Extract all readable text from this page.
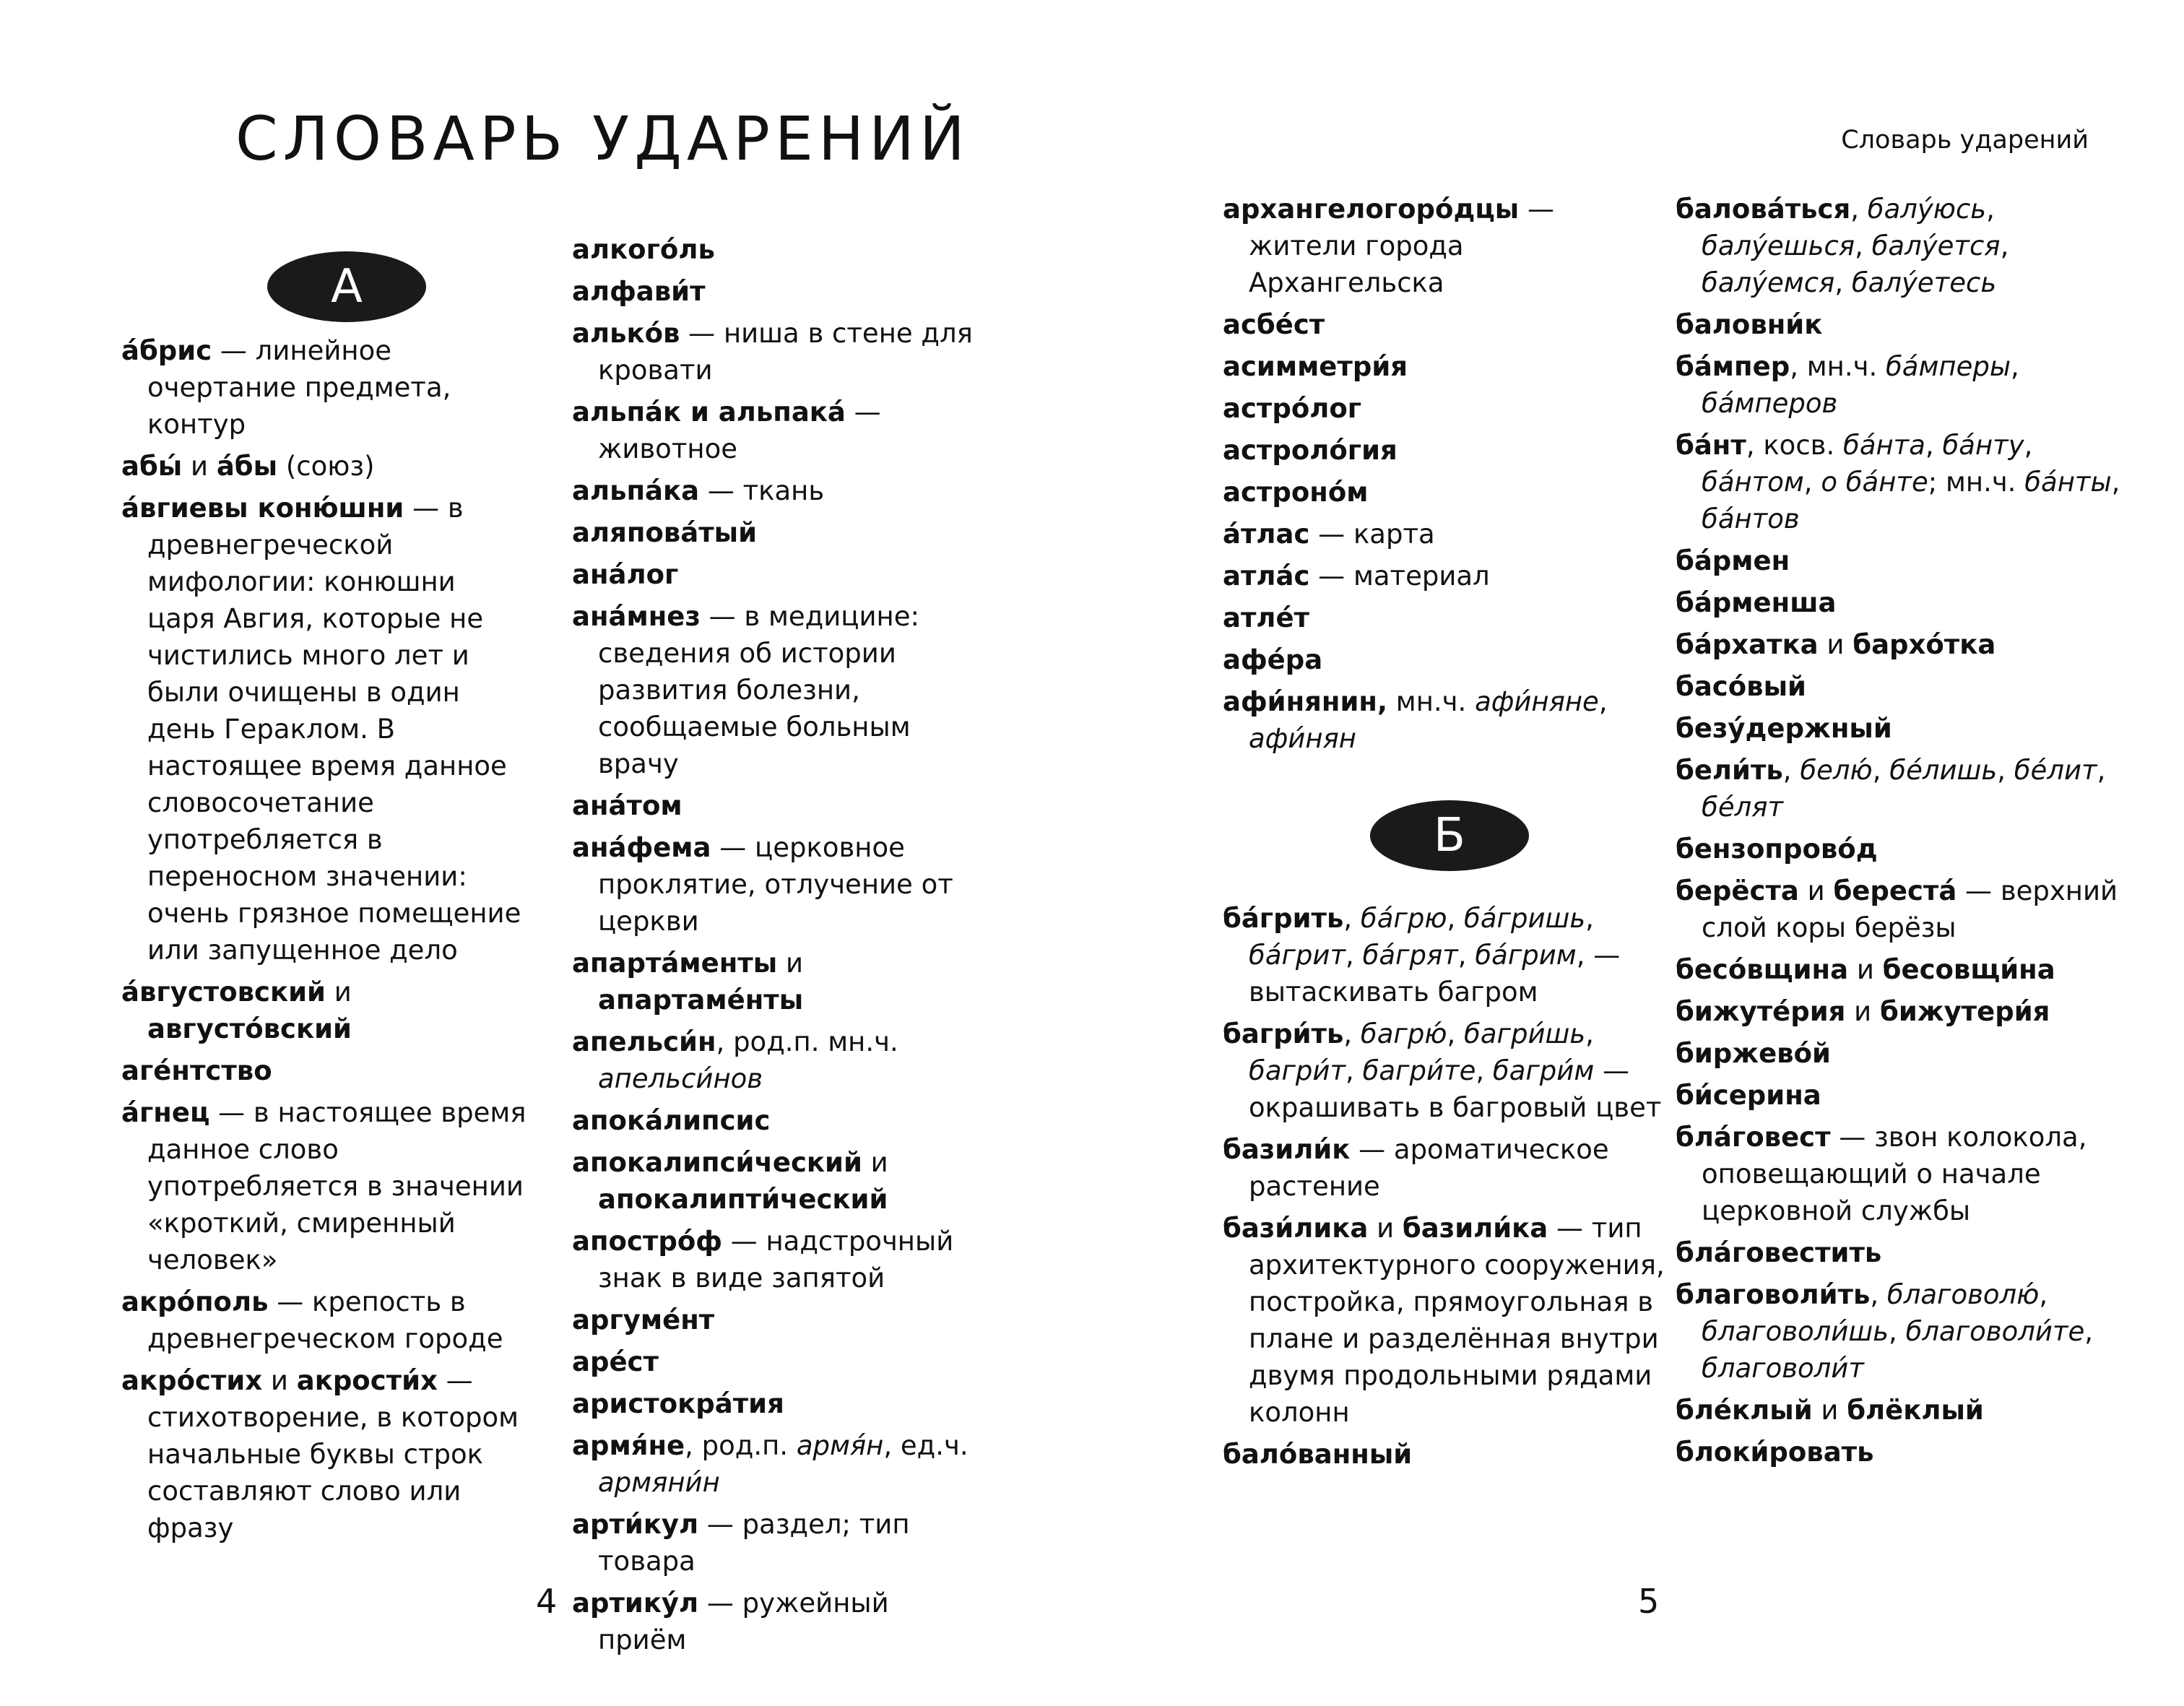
СЛОВАРЬ УДАРЕНИЙ	Словарь ударений
А
а́брис — линейное очертание предмета, контур
абы́ и а́бы (союз)
а́вгиевы коню́шни — в древнегреческой мифологии: конюшни царя Авгия, которые не чистились много лет и были очищены в один день Гераклом. В настоящее время данное словосочетание употребляется в переносном значении: очень грязное помещение или запущенное дело
а́вгустовский и августо́вский
аге́нтство
а́гнец — в настоящее время данное слово употребляется в значении «кроткий, смиренный человек»
акро́поль — крепость в древнегреческом городе
акро́стих и акрости́х — стихотворение, в котором начальные буквы строк составляют слово или фразу
алкого́ль
алфави́т
алько́в — ниша в стене для кровати
альпа́к и альпака́ — животное
альпа́ка — ткань
аляпова́тый
ана́лог
ана́мнез — в медицине: сведения об истории развития болезни, сообщаемые больным врачу
ана́том
ана́фема — церковное проклятие, отлучение от церкви
апарта́менты и апартаме́нты
апельси́н, род.п. мн.ч. апельси́нов
апока́липсис
апокалипси́ческий и апокалипти́ческий
апостро́ф — надстрочный знак в виде запятой
аргуме́нт
аре́ст
аристокра́тия
армя́не, род.п. армя́н, ед.ч. армяни́н
арти́кул — раздел; тип товара
артику́л — ружейный приём
архангелогоро́дцы — жители города Архангельска
асбе́ст
асимметри́я
астро́лог
астроло́гия
астроно́м
а́тлас — карта
атла́с — материал
атле́т
афе́ра
афи́нянин, мн.ч. афи́няне, афи́нян
Б
ба́грить, ба́грю, ба́гришь, ба́грит, ба́грят, ба́грим, — вытаскивать багром
багри́ть, багрю́, багри́шь, багри́т, багри́те, багри́м — окрашивать в багровый цвет
базили́к — ароматическое растение
бази́лика и базили́ка — тип архитектурного сооружения, постройка, прямоугольная в плане и разделённая внутри двумя продольными рядами колонн
бало́ванный
балова́ться, балу́юсь, балу́ешься, балу́ется, балу́емся, балу́етесь
баловни́к
ба́мпер, мн.ч. ба́мперы, ба́мперов
ба́нт, косв. ба́нта, ба́нту, ба́нтом, о ба́нте; мн.ч. ба́нты, ба́нтов
ба́рмен
ба́рменша
ба́рхатка и бархо́тка
басо́вый
безу́держный
бели́ть, белю́, бе́лишь, бе́лит, бе́лят
бензопрово́д
берёста и береста́ — верхний слой коры берёзы
бесо́вщина и бесовщи́на
бижуте́рия и бижутери́я
биржево́й
би́серина
бла́говест — звон колокола, оповещающий о начале церковной службы
бла́говестить
благоволи́ть, благоволю́, благоволи́шь, благоволи́те, благоволи́т
бле́клый и блёклый
блоки́ровать
4	5
